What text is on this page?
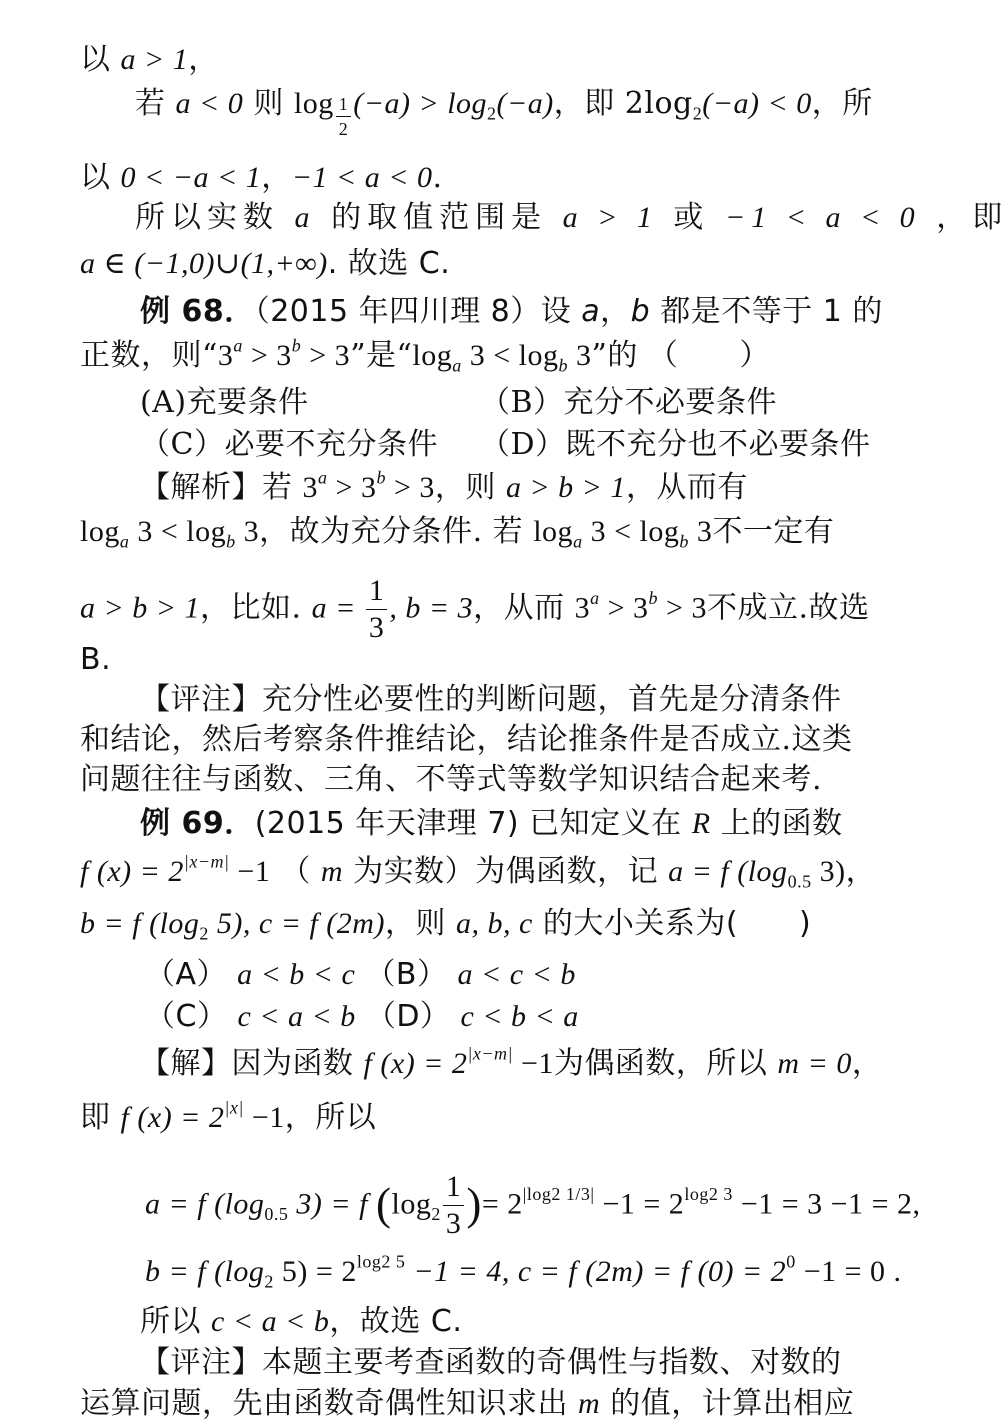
以 a > 1，
若 a < 0 则 log $_{\frac{1}{2}}$ $(-a) > \log_2(-a)$，即 $2\log_2(-a) < 0$，所
以 0 < −a < 1，−1 < a < 0.
所以实数 a 的取值范围是 a > 1 或 −1 < a < 0 ，即
a ∈ (−1,0)∪(1,+∞). 故选 C.
例 68．（2015 年四川理 8）设 a，b 都是不等于 1 的
正数，则“$3^a > 3^b > 3$”是“$\log_a$ $3 < \log_b 3$”的 （　　）
(A)充要条件	（B）充分不必要条件
（C）必要不充分条件 （D）既不充分也不必要条件
【解析】若 $3^a > 3^b > 3$，则 a > b > 1，从而有
$\log_a 3 < \log_b 3$，故为充分条件. 若 $\log_a 3 < \log_b 3$不一定有
a > b > 1，比如. $a = \frac{1}{3}$ , b = 3，从而 $3^a > 3^b > 3$不成立.故选
B.
【评注】充分性必要性的判断问题，首先是分清条件
和结论，然后考察条件推结论，结论推条件是否成立.这类
问题往往与函数、三角、不等式等数学知识结合起来考.
例 69．(2015 年天津理 7) 已知定义在 R 上的函数
f $(x) = 2^{|x-m|} -1$ （ m 为实数）为偶函数，记 a = f ($\log_{0.5}$ 3)，
b = f ($\log_2$ 5), c = f (2m)，则 a, b, c 的大小关系为(　　)
（A） a < b < c （B） a < c < b
（C） c < a < b （D） c < b < a
【解】因为函数 f $(x) = 2^{|x-m|} -1$为偶函数，所以 m = 0，
即 f $(x) = 2^{|x|} -1$，所以
a = f ($\log_{0.5}$ 3) = f ($\log_2 \frac{1}{3}$ )= $2^{|log2 1/3|} -1 = 2^{log2 3} -1 = 3 -1 = 2$,
b = f ($\log_2$ $5) = 2^{log2 5} -1 = 4$, c = f (2m) = f $(0) = 2^0 -1 = 0$ .
所以 c < a < b，故选 C.
【评注】本题主要考查函数的奇偶性与指数、对数的
运算问题，先由函数奇偶性知识求出 m 的值，计算出相应
